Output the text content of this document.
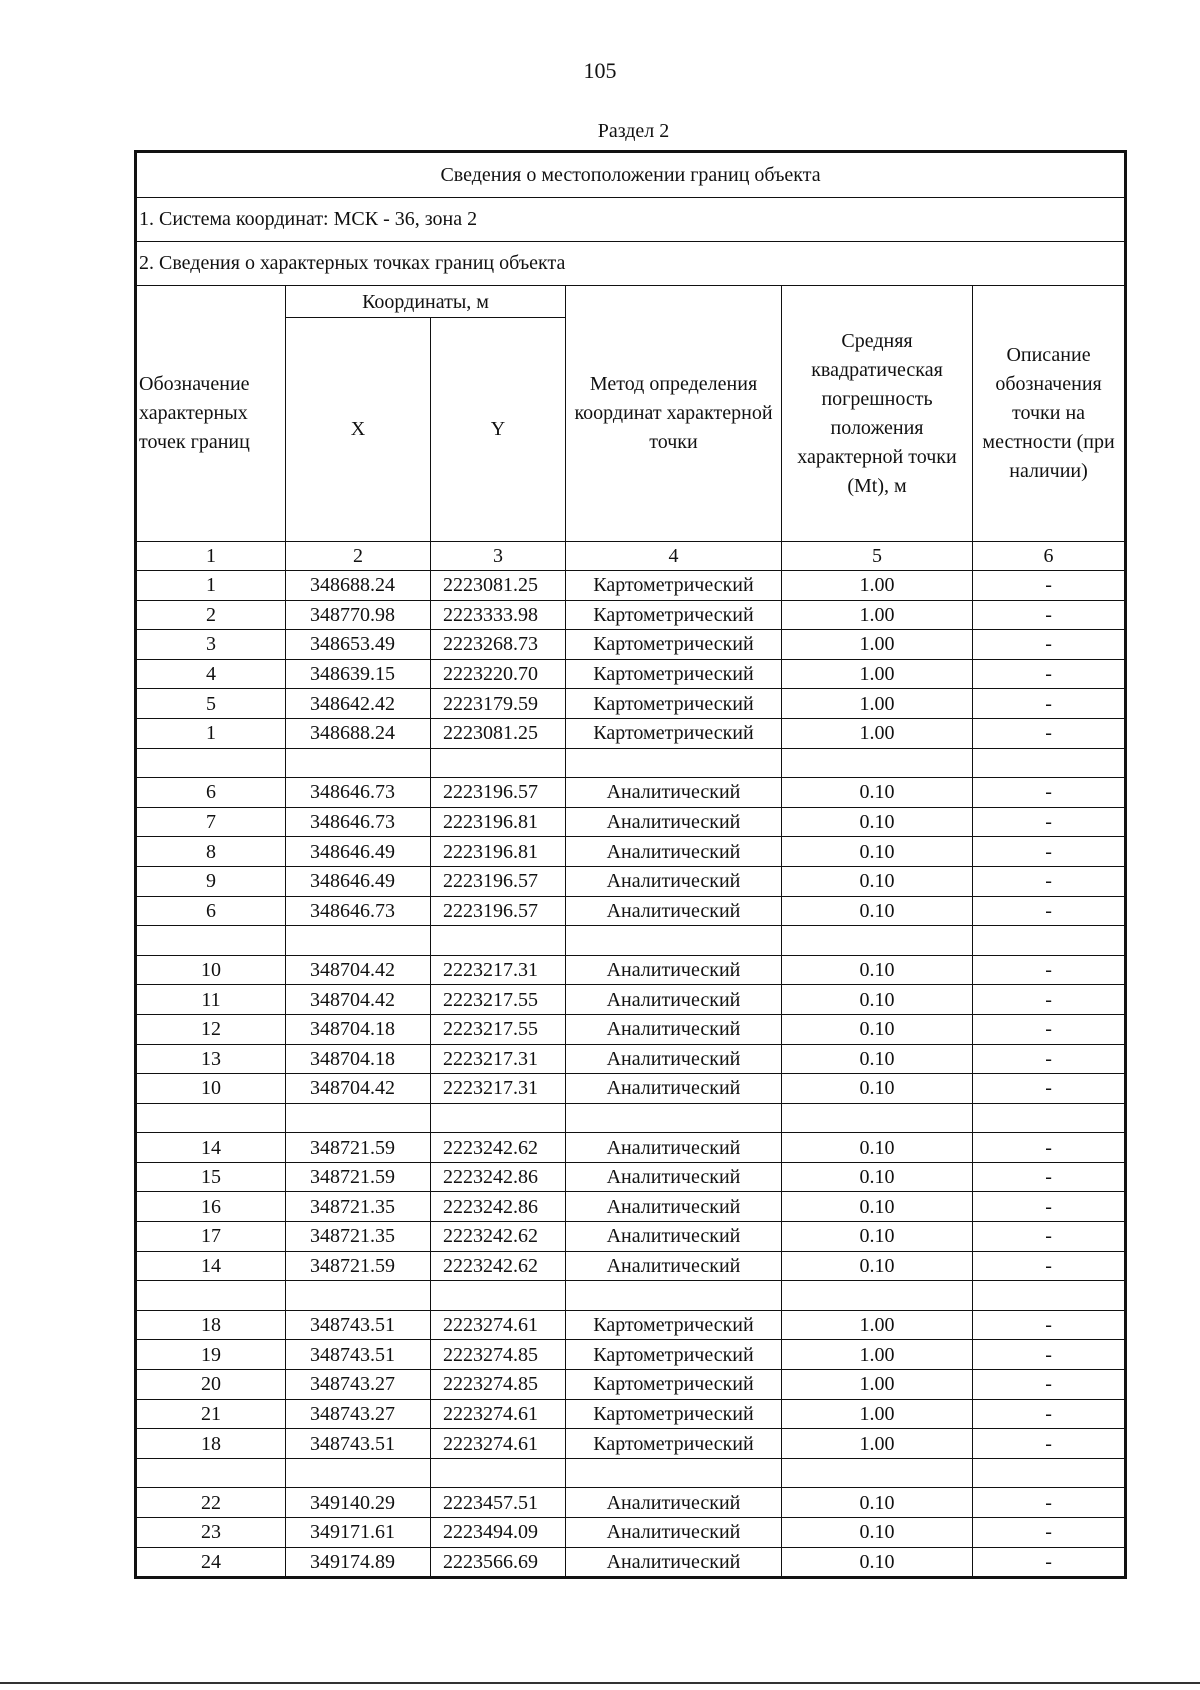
105
Раздел 2
Сведения о местоположении границ объекта					
1. Система координат: МСК - 36, зона 2					
2. Сведения о характерных точках границ объекта					
Обозначение характерных точек границ	Координаты, м		Метод определения координат характерной точки	Средняя квадратическая погрешность положения характерной точки (Mt), м	Описание обозначения точки на местности (при наличии)
	X	Y			
1	2	3	4	5	6
1	348688.24	2223081.25	Картометрический	1.00	-
2	348770.98	2223333.98	Картометрический	1.00	-
3	348653.49	2223268.73	Картометрический	1.00	-
4	348639.15	2223220.70	Картометрический	1.00	-
5	348642.42	2223179.59	Картометрический	1.00	-
1	348688.24	2223081.25	Картометрический	1.00	-

6	348646.73	2223196.57	Аналитический	0.10	-
7	348646.73	2223196.81	Аналитический	0.10	-
8	348646.49	2223196.81	Аналитический	0.10	-
9	348646.49	2223196.57	Аналитический	0.10	-
6	348646.73	2223196.57	Аналитический	0.10	-

10	348704.42	2223217.31	Аналитический	0.10	-
11	348704.42	2223217.55	Аналитический	0.10	-
12	348704.18	2223217.55	Аналитический	0.10	-
13	348704.18	2223217.31	Аналитический	0.10	-
10	348704.42	2223217.31	Аналитический	0.10	-

14	348721.59	2223242.62	Аналитический	0.10	-
15	348721.59	2223242.86	Аналитический	0.10	-
16	348721.35	2223242.86	Аналитический	0.10	-
17	348721.35	2223242.62	Аналитический	0.10	-
14	348721.59	2223242.62	Аналитический	0.10	-

18	348743.51	2223274.61	Картометрический	1.00	-
19	348743.51	2223274.85	Картометрический	1.00	-
20	348743.27	2223274.85	Картометрический	1.00	-
21	348743.27	2223274.61	Картометрический	1.00	-
18	348743.51	2223274.61	Картометрический	1.00	-

22	349140.29	2223457.51	Аналитический	0.10	-
23	349171.61	2223494.09	Аналитический	0.10	-
24	349174.89	2223566.69	Аналитический	0.10	-
